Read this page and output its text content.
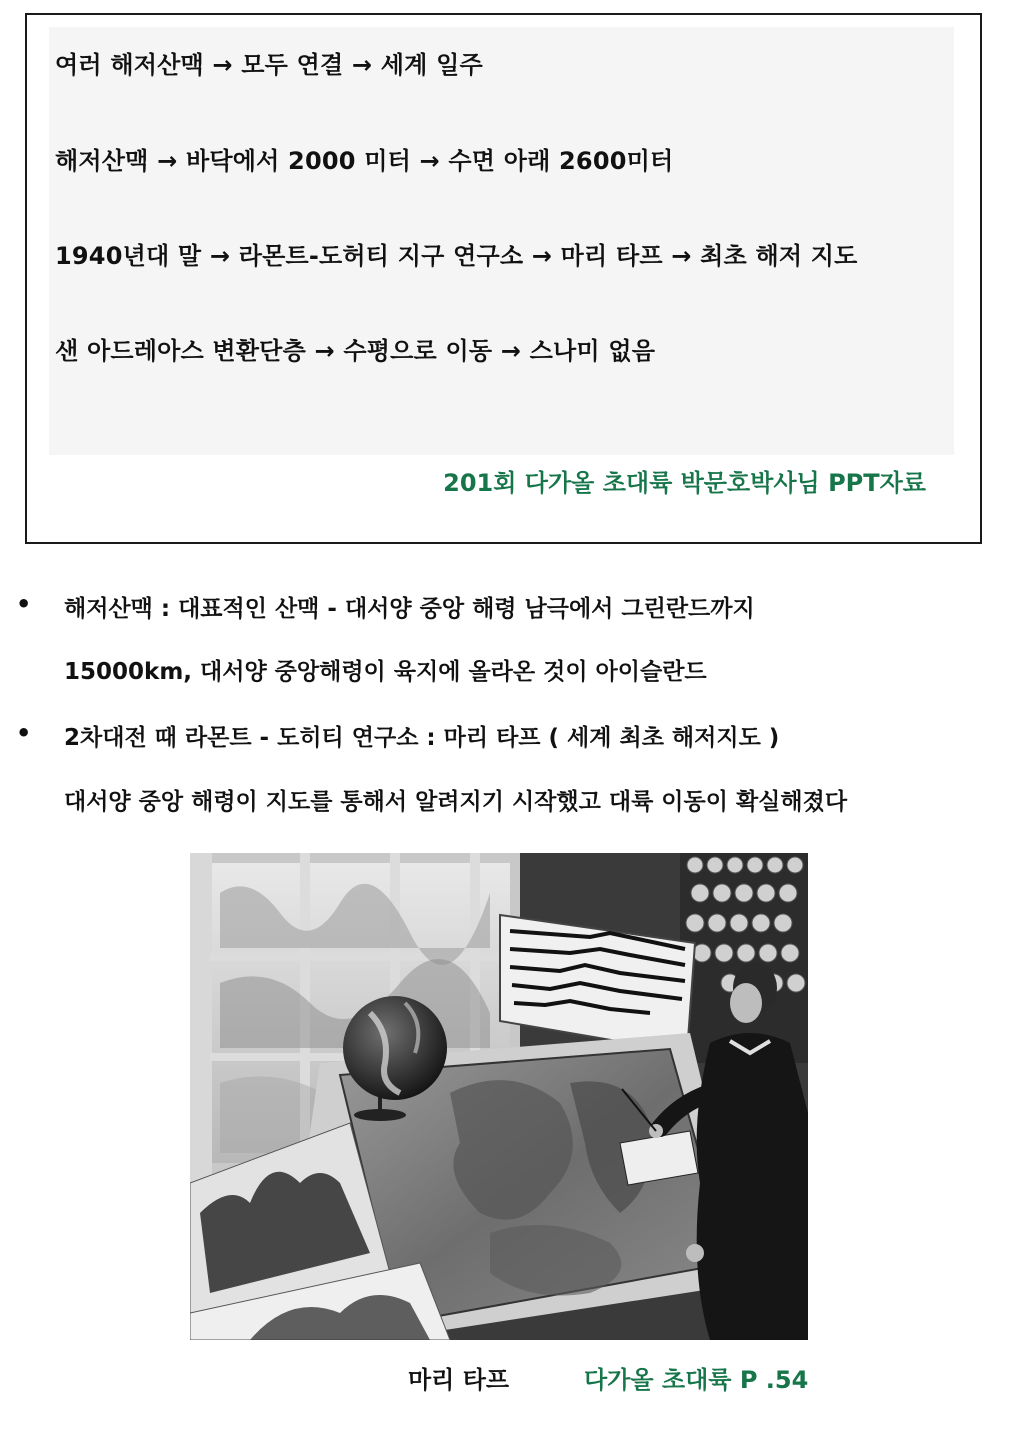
여러 해저산맥 → 모두 연결 → 세계 일주
해저산맥 → 바닥에서 2000 미터 → 수면 아래 2600미터
1940년대 말 → 라몬트-도허티 지구 연구소 → 마리 타프 → 최초 해저 지도
샌 아드레아스 변환단층 → 수평으로 이동 → 스나미 없음
201회 다가올 초대륙 박문호박사님 PPT자료
• 해저산맥 : 대표적인 산맥 - 대서양 중앙 해령 남극에서 그린란드까지
15000km, 대서양 중앙해령이 육지에 올라온 것이 아이슬란드
• 2차대전 때 라몬트 - 도히티 연구소 : 마리 타프 ( 세계 최초 해저지도 )
대서양 중앙 해령이 지도를 통해서 알려지기 시작했고 대륙 이동이 확실해졌다
마리 타프	다가올 초대륙 P .54
